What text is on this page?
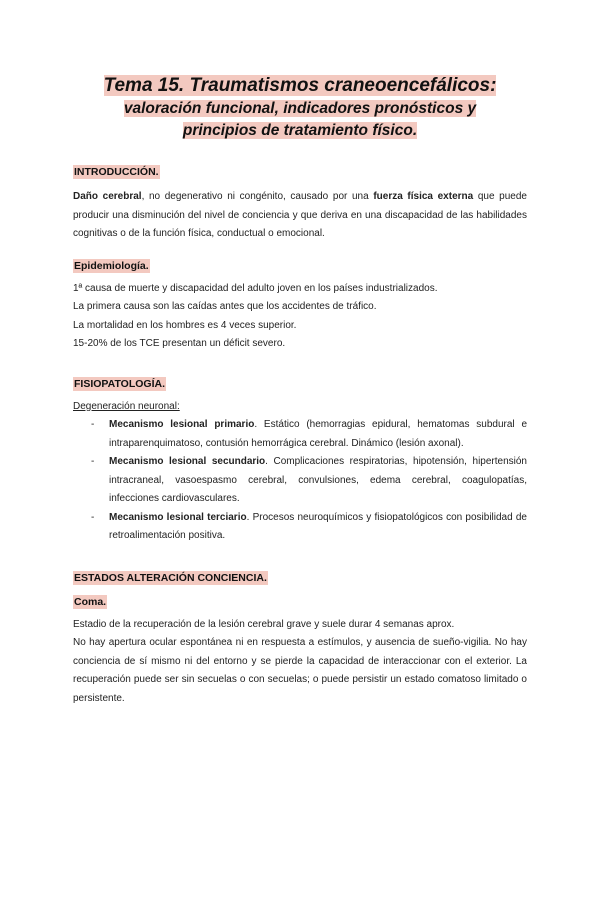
Tema 15. Traumatismos craneoencefálicos:
valoración funcional, indicadores pronósticos y
principios de tratamiento físico.
INTRODUCCIÓN.

Daño cerebral, no degenerativo ni congénito, causado por una fuerza física externa que puede producir una disminución del nivel de conciencia y que deriva en una discapacidad de las habilidades cognitivas o de la función física, conductual o emocional.

Epidemiología.

1ª causa de muerte y discapacidad del adulto joven en los países industrializados.

La primera causa son las caídas antes que los accidentes de tráfico.

La mortalidad en los hombres es 4 veces superior.

15-20% de los TCE presentan un déficit severo.

FISIOPATOLOGÍA.
Degeneración neuronal:
- Mecanismo lesional primario. Estático (hemorragias epidural, hematomas subdural e intraparenquimatoso, contusión hemorrágica cerebral. Dinámico (lesión axonal).
- Mecanismo lesional secundario. Complicaciones respiratorias, hipotensión, hipertensión intracraneal, vasoespasmo cerebral, convulsiones, edema cerebral, coagulopatías, infecciones cardiovasculares.
- Mecanismo lesional terciario. Procesos neuroquímicos y fisiopatológicos con posibilidad de retroalimentación positiva.
ESTADOS ALTERACIÓN CONCIENCIA.
Coma.

Estadio de la recuperación de la lesión cerebral grave y suele durar 4 semanas aprox.

No hay apertura ocular espontánea ni en respuesta a estímulos, y ausencia de sueño-vigilia. No hay conciencia de sí mismo ni del entorno y se pierde la capacidad de interaccionar con el exterior. La recuperación puede ser sin secuelas o con secuelas; o puede persistir un estado comatoso limitado o persistente.
